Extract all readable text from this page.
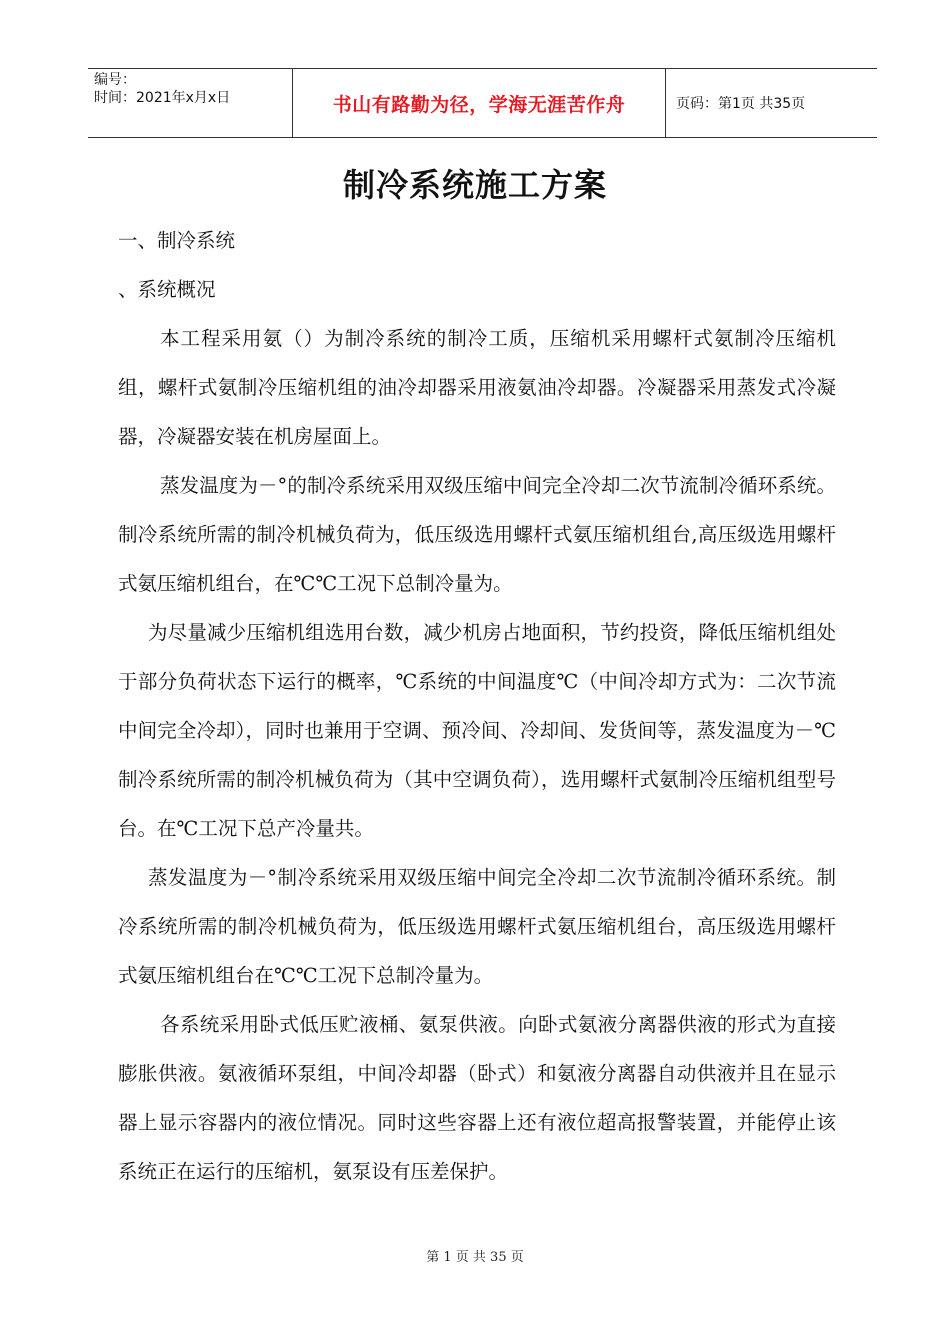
编号：
时间：2021年x月x日	书山有路勤为径，学海无涯苦作舟	页码：第1页 共35页
制冷系统施工方案

一、制冷系统

、系统概况

本工程采用氨（）为制冷系统的制冷工质，压缩机采用螺杆式氨制冷压缩机组，螺杆式氨制冷压缩机组的油冷却器采用液氨油冷却器。冷凝器采用蒸发式冷凝器，冷凝器安装在机房屋面上。

蒸发温度为－°的制冷系统采用双级压缩中间完全冷却二次节流制冷循环系统。制冷系统所需的制冷机械负荷为，低压级选用螺杆式氨压缩机组台,高压级选用螺杆式氨压缩机组台，在℃℃工况下总制冷量为。

为尽量减少压缩机组选用台数，减少机房占地面积，节约投资，降低压缩机组处于部分负荷状态下运行的概率，℃系统的中间温度℃（中间冷却方式为：二次节流中间完全冷却），同时也兼用于空调、预冷间、冷却间、发货间等，蒸发温度为－℃制冷系统所需的制冷机械负荷为（其中空调负荷），选用螺杆式氨制冷压缩机组型号台。在℃工况下总产冷量共。

蒸发温度为－°制冷系统采用双级压缩中间完全冷却二次节流制冷循环系统。制冷系统所需的制冷机械负荷为，低压级选用螺杆式氨压缩机组台，高压级选用螺杆式氨压缩机组台在℃℃工况下总制冷量为。

各系统采用卧式低压贮液桶、氨泵供液。向卧式氨液分离器供液的形式为直接膨胀供液。氨液循环泵组，中间冷却器（卧式）和氨液分离器自动供液并且在显示器上显示容器内的液位情况。同时这些容器上还有液位超高报警装置，并能停止该系统正在运行的压缩机，氨泵设有压差保护。

第 1 页 共 35 页
